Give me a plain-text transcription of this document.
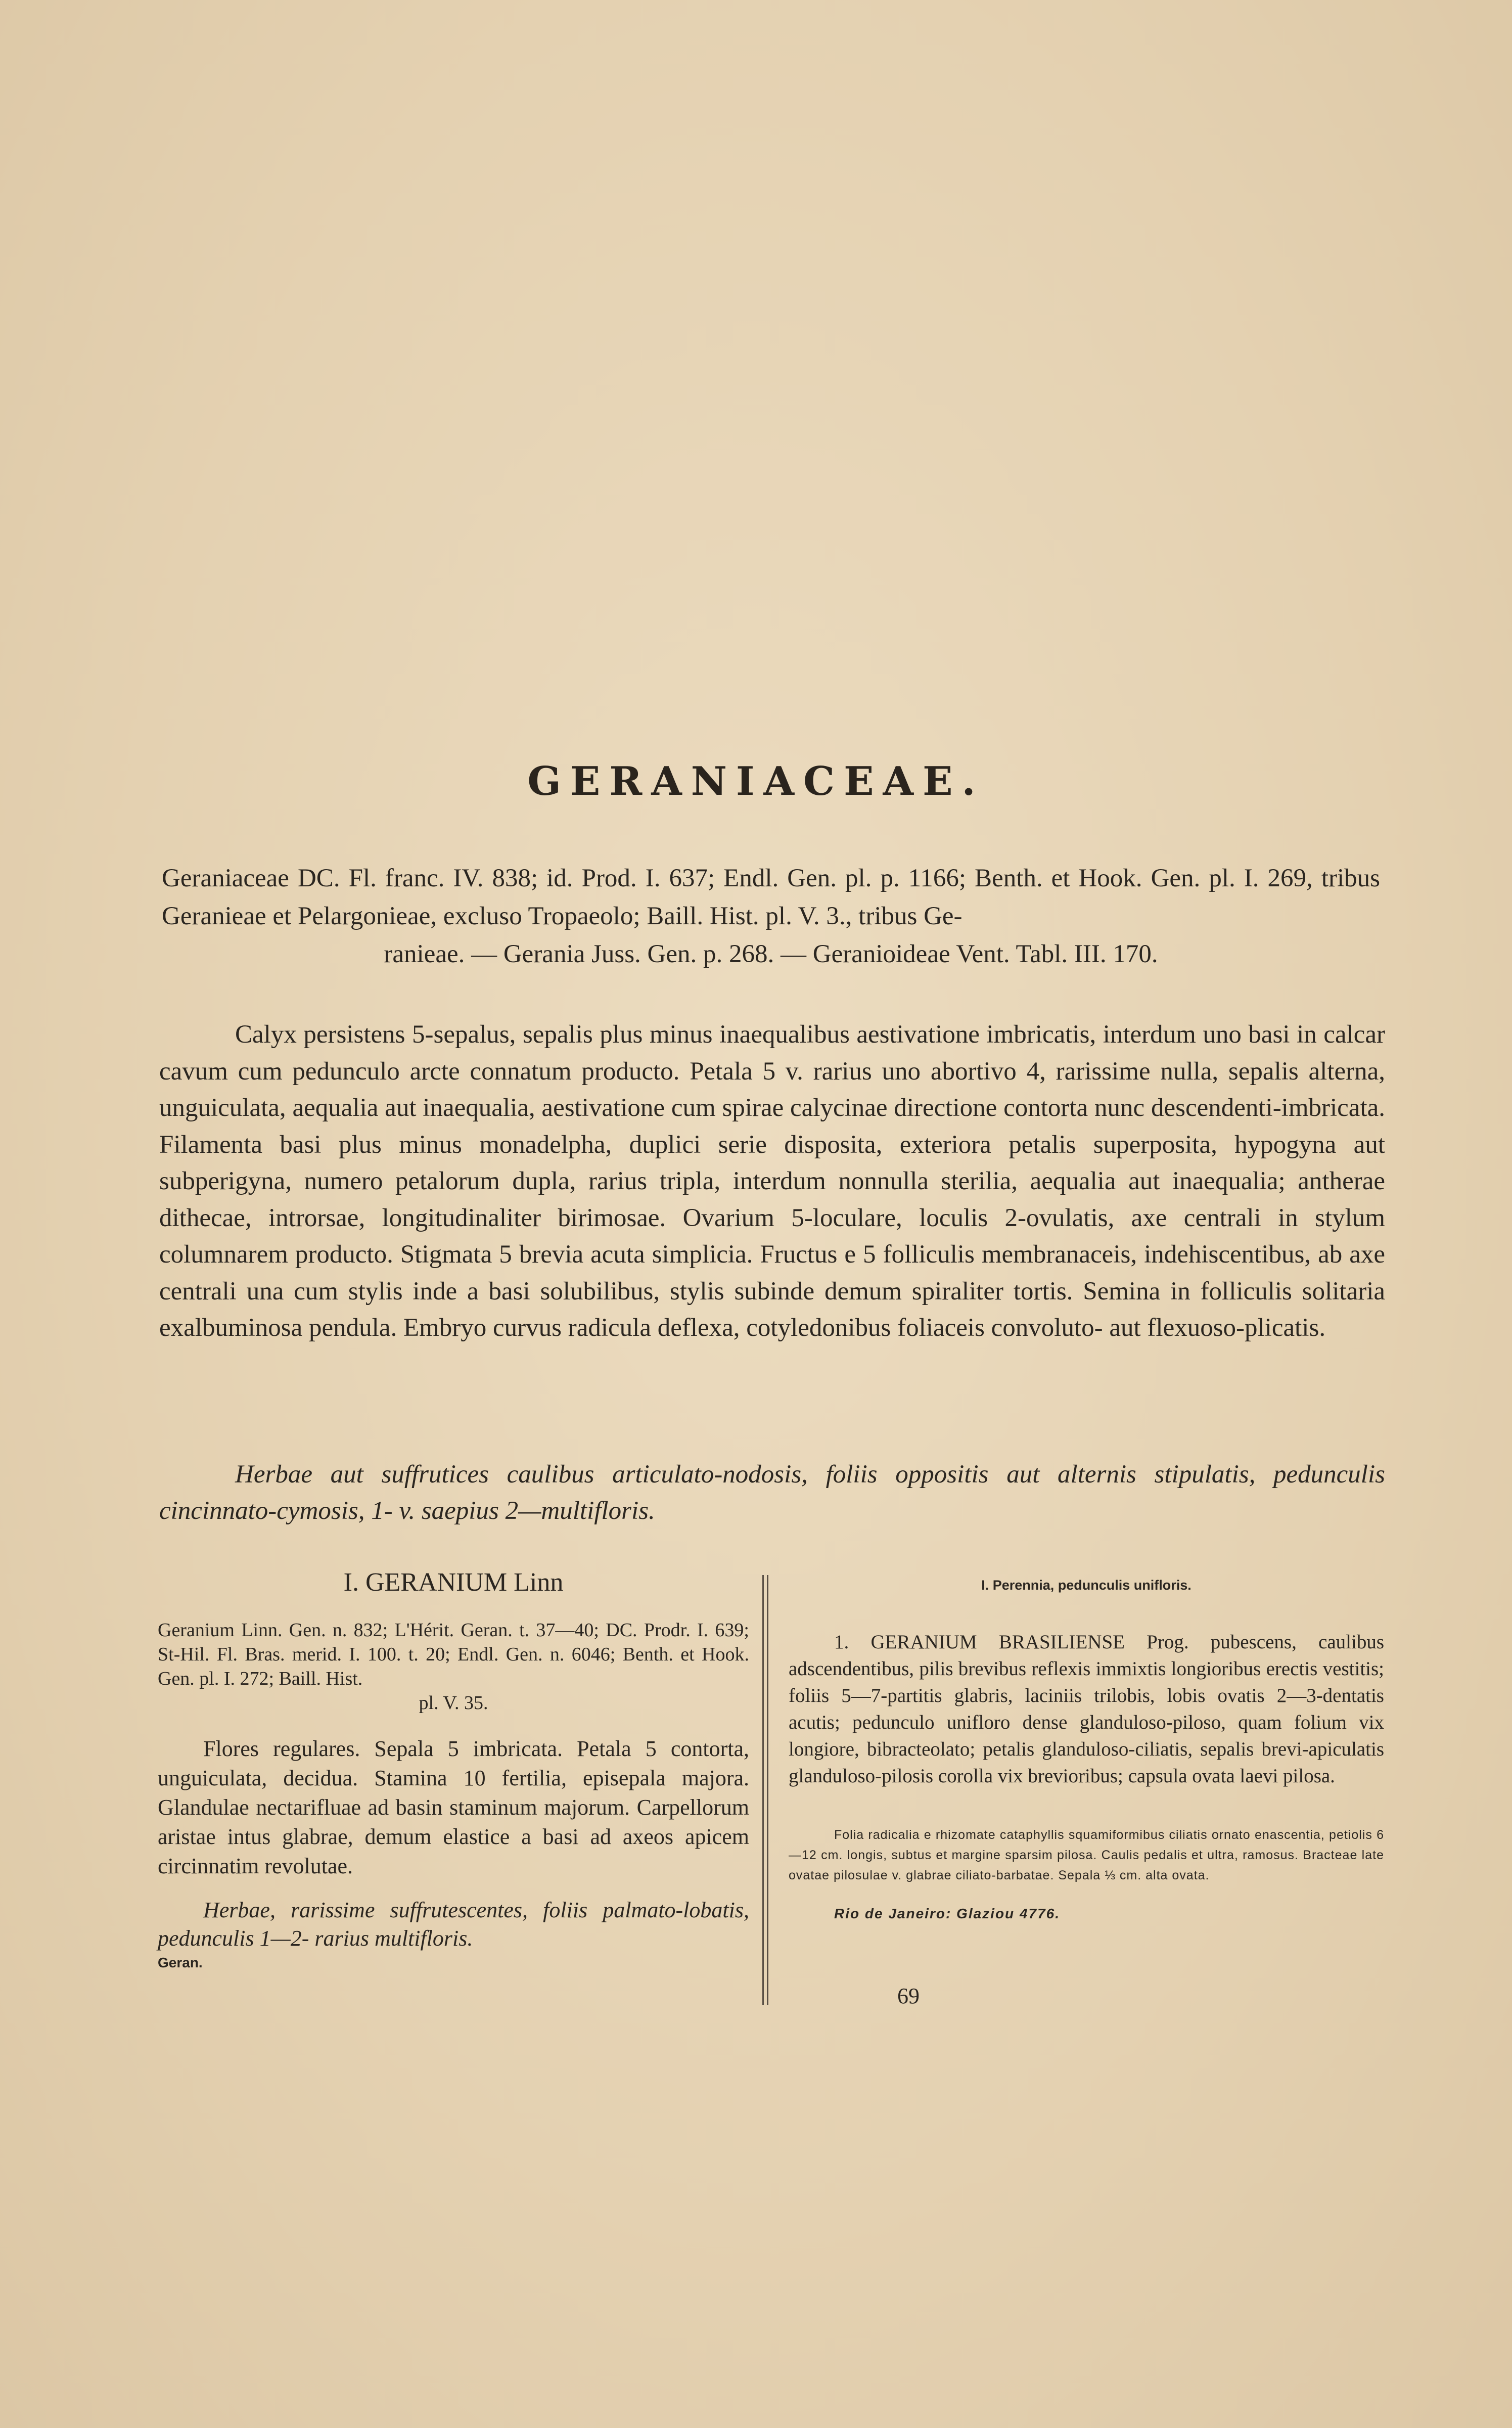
GERANIACEAE.
Geraniaceae DC. Fl. franc. IV. 838; id. Prod. I. 637; Endl. Gen. pl. p. 1166; Benth. et Hook. Gen. pl. I. 269, tribus Geranieae et Pelargonieae, excluso Tropaeolo; Baill. Hist. pl. V. 3., tribus Ge-
ranieae. — Gerania Juss. Gen. p. 268. — Geranioideae Vent. Tabl. III. 170.
Calyx persistens 5-sepalus, sepalis plus minus inaequalibus aestivatione imbricatis, interdum uno basi in calcar cavum cum pedunculo arcte connatum producto. Petala 5 v. rarius uno abortivo 4, rarissime nulla, sepalis alterna, unguiculata, aequalia aut inaequalia, aestivatione cum spirae calycinae directione contorta nunc descendenti-imbricata. Filamenta basi plus minus monadelpha, duplici serie disposita, exteriora petalis superposita, hypogyna aut subperigyna, numero petalorum dupla, rarius tripla, interdum nonnulla sterilia, aequalia aut inaequalia; antherae dithecae, introrsae, longitudinaliter birimosae. Ovarium 5-loculare, loculis 2-ovulatis, axe centrali in stylum columnarem producto. Stigmata 5 brevia acuta simplicia. Fructus e 5 folliculis membranaceis, indehiscentibus, ab axe centrali una cum stylis inde a basi solubilibus, stylis subinde demum spiraliter tortis. Semina in folliculis solitaria exalbuminosa pendula. Embryo curvus radicula deflexa, cotyledonibus foliaceis convoluto- aut flexuoso-plicatis.
Herbae aut suffrutices caulibus articulato-nodosis, foliis oppositis aut alternis stipulatis, pedunculis cincinnato-cymosis, 1- v. saepius 2—multifloris.
I. GERANIUM Linn
Geranium Linn. Gen. n. 832; L'Hérit. Geran. t. 37—40; DC. Prodr. I. 639; St-Hil. Fl. Bras. merid. I. 100. t. 20; Endl. Gen. n. 6046; Benth. et Hook. Gen. pl. I. 272; Baill. Hist.
pl. V. 35.
Flores regulares. Sepala 5 imbricata. Petala 5 contorta, unguiculata, decidua. Stamina 10 fertilia, episepala majora. Glandulae nectarifluae ad basin staminum majorum. Carpellorum aristae intus glabrae, demum elastice a basi ad axeos apicem circinnatim revolutae.
Herbae, rarissime suffrutescentes, foliis palmato-lobatis, pedunculis 1—2- rarius multifloris.
Geran.
I. Perennia, pedunculis unifloris.
1. GERANIUM BRASILIENSE Prog. pubescens, caulibus adscendentibus, pilis brevibus reflexis immixtis longioribus erectis vestitis; foliis 5—7-partitis glabris, laciniis trilobis, lobis ovatis 2—3-dentatis acutis; pedunculo unifloro dense glanduloso-piloso, quam folium vix longiore, bibracteolato; petalis glanduloso-ciliatis, sepalis brevi-apiculatis glanduloso-pilosis corolla vix brevioribus; capsula ovata laevi pilosa.
Folia radicalia e rhizomate cataphyllis squamiformibus ciliatis ornato enascentia, petiolis 6—12 cm. longis, subtus et margine sparsim pilosa. Caulis pedalis et ultra, ramosus. Bracteae late ovatae pilosulae v. glabrae ciliato-barbatae. Sepala ⅓ cm. alta ovata.
Rio de Janeiro: Glaziou 4776.
69
